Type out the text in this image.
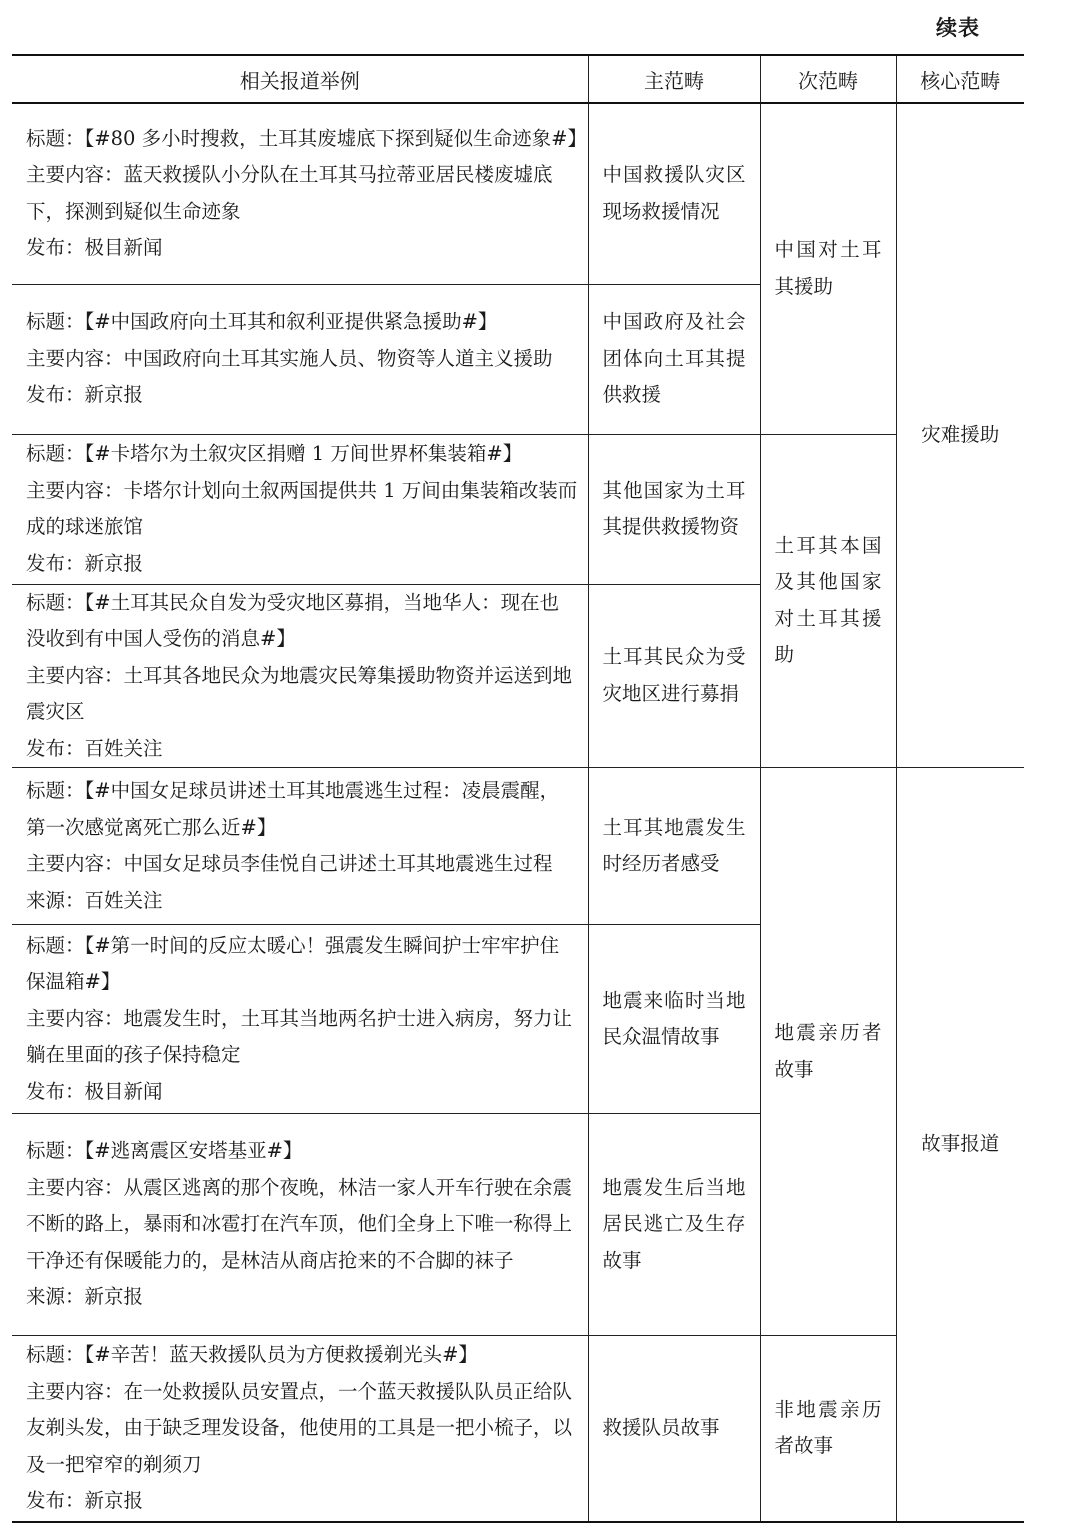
续表
相关报道举例	主范畴	次范畴	核心范畴

标题：【#80 多小时搜救，土耳其废墟底下探到疑似生命迹象#】
主要内容：蓝天救援队小分队在土耳其马拉蒂亚居民楼废墟底下，探测到疑似生命迹象
发布：极目新闻	中国救援队灾区现场救援情况	中国对土耳其援助	灾难援助

标题：【#中国政府向土耳其和叙利亚提供紧急援助#】
主要内容：中国政府向土耳其实施人员、物资等人道主义援助
发布：新京报	中国政府及社会团体向土耳其提供救援		

标题：【#卡塔尔为土叙灾区捐赠 1 万间世界杯集装箱#】
主要内容：卡塔尔计划向土叙两国提供共 1 万间由集装箱改装而成的球迷旅馆
发布：新京报	其他国家为土耳其提供救援物资	土耳其本国及其他国家对土耳其援助	

标题：【#土耳其民众自发为受灾地区募捐，当地华人：现在也没收到有中国人受伤的消息#】
主要内容：土耳其各地民众为地震灾民筹集援助物资并运送到地震灾区
发布：百姓关注	土耳其民众为受灾地区进行募捐		

标题：【#中国女足球员讲述土耳其地震逃生过程：凌晨震醒，第一次感觉离死亡那么近#】
主要内容：中国女足球员李佳悦自己讲述土耳其地震逃生过程
来源：百姓关注	土耳其地震发生时经历者感受	地震亲历者故事	故事报道

标题：【#第一时间的反应太暖心！强震发生瞬间护士牢牢护住保温箱#】
主要内容：地震发生时，土耳其当地两名护士进入病房，努力让躺在里面的孩子保持稳定
发布：极目新闻	地震来临时当地民众温情故事		

标题：【#逃离震区安塔基亚#】
主要内容：从震区逃离的那个夜晚，林洁一家人开车行驶在余震不断的路上，暴雨和冰雹打在汽车顶，他们全身上下唯一称得上干净还有保暖能力的，是林洁从商店抢来的不合脚的袜子
来源：新京报	地震发生后当地居民逃亡及生存故事		

标题：【#辛苦！蓝天救援队员为方便救援剃光头#】
主要内容：在一处救援队员安置点，一个蓝天救援队队员正给队友剃头发，由于缺乏理发设备，他使用的工具是一把小梳子，以及一把窄窄的剃须刀
发布：新京报	救援队员故事	非地震亲历者故事	
